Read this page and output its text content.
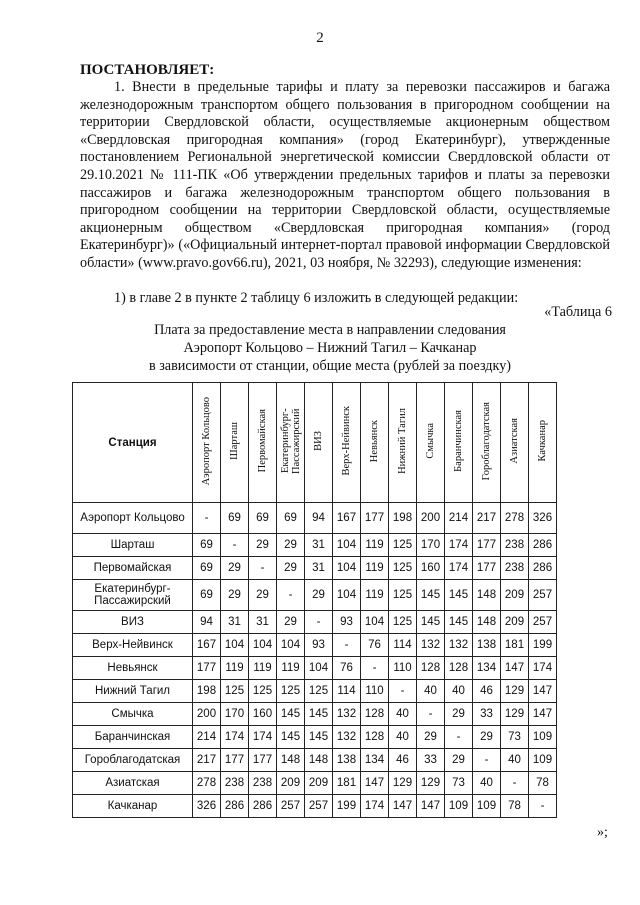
2
ПОСТАНОВЛЯЕТ:
1. Внести в предельные тарифы и плату за перевозки пассажиров и багажа железнодорожным транспортом общего пользования в пригородном сообщении на территории Свердловской области, осуществляемые акционерным обществом «Свердловская пригородная компания» (город Екатеринбург), утвержденные постановлением Региональной энергетической комиссии Свердловской области от 29.10.2021 № 111-ПК «Об утверждении предельных тарифов и платы за перевозки пассажиров и багажа железнодорожным транспортом общего пользования в пригородном сообщении на территории Свердловской области, осуществляемые акционерным обществом «Свердловская пригородная компания» (город Екатеринбург)» («Официальный интернет-портал правовой информации Свердловской области» (www.pravo.gov66.ru), 2021, 03 ноября, № 32293), следующие изменения:
1) в главе 2 в пункте 2 таблицу 6 изложить в следующей редакции:
«Таблица 6
Плата за предоставление места в направлении следования
Аэропорт Кольцово – Нижний Тагил – Качканар
в зависимости от станции, общие места (рублей за поездку)
Станция	Аэропорт Кольцово	Шарташ	Первомайская	Екатеринбург-Пассажирский	ВИЗ	Верх-Нейвинск	Невьянск	Нижний Тагил	Смычка	Баранчинская	Гороблагодатская	Азиатская	Качканар
Аэропорт Кольцово	-	69	69	69	94	167	177	198	200	214	217	278	326
Шарташ	69	-	29	29	31	104	119	125	170	174	177	238	286
Первомайская	69	29	-	29	31	104	119	125	160	174	177	238	286
Екатеринбург-Пассажирский	69	29	29	-	29	104	119	125	145	145	148	209	257
ВИЗ	94	31	31	29	-	93	104	125	145	145	148	209	257
Верх-Нейвинск	167	104	104	104	93	-	76	114	132	132	138	181	199
Невьянск	177	119	119	119	104	76	-	110	128	128	134	147	174
Нижний Тагил	198	125	125	125	125	114	110	-	40	40	46	129	147
Смычка	200	170	160	145	145	132	128	40	-	29	33	129	147
Баранчинская	214	174	174	145	145	132	128	40	29	-	29	73	109
Гороблагодатская	217	177	177	148	148	138	134	46	33	29	-	40	109
Азиатская	278	238	238	209	209	181	147	129	129	73	40	-	78
Качканар	326	286	286	257	257	199	174	147	147	109	109	78	-
»;
